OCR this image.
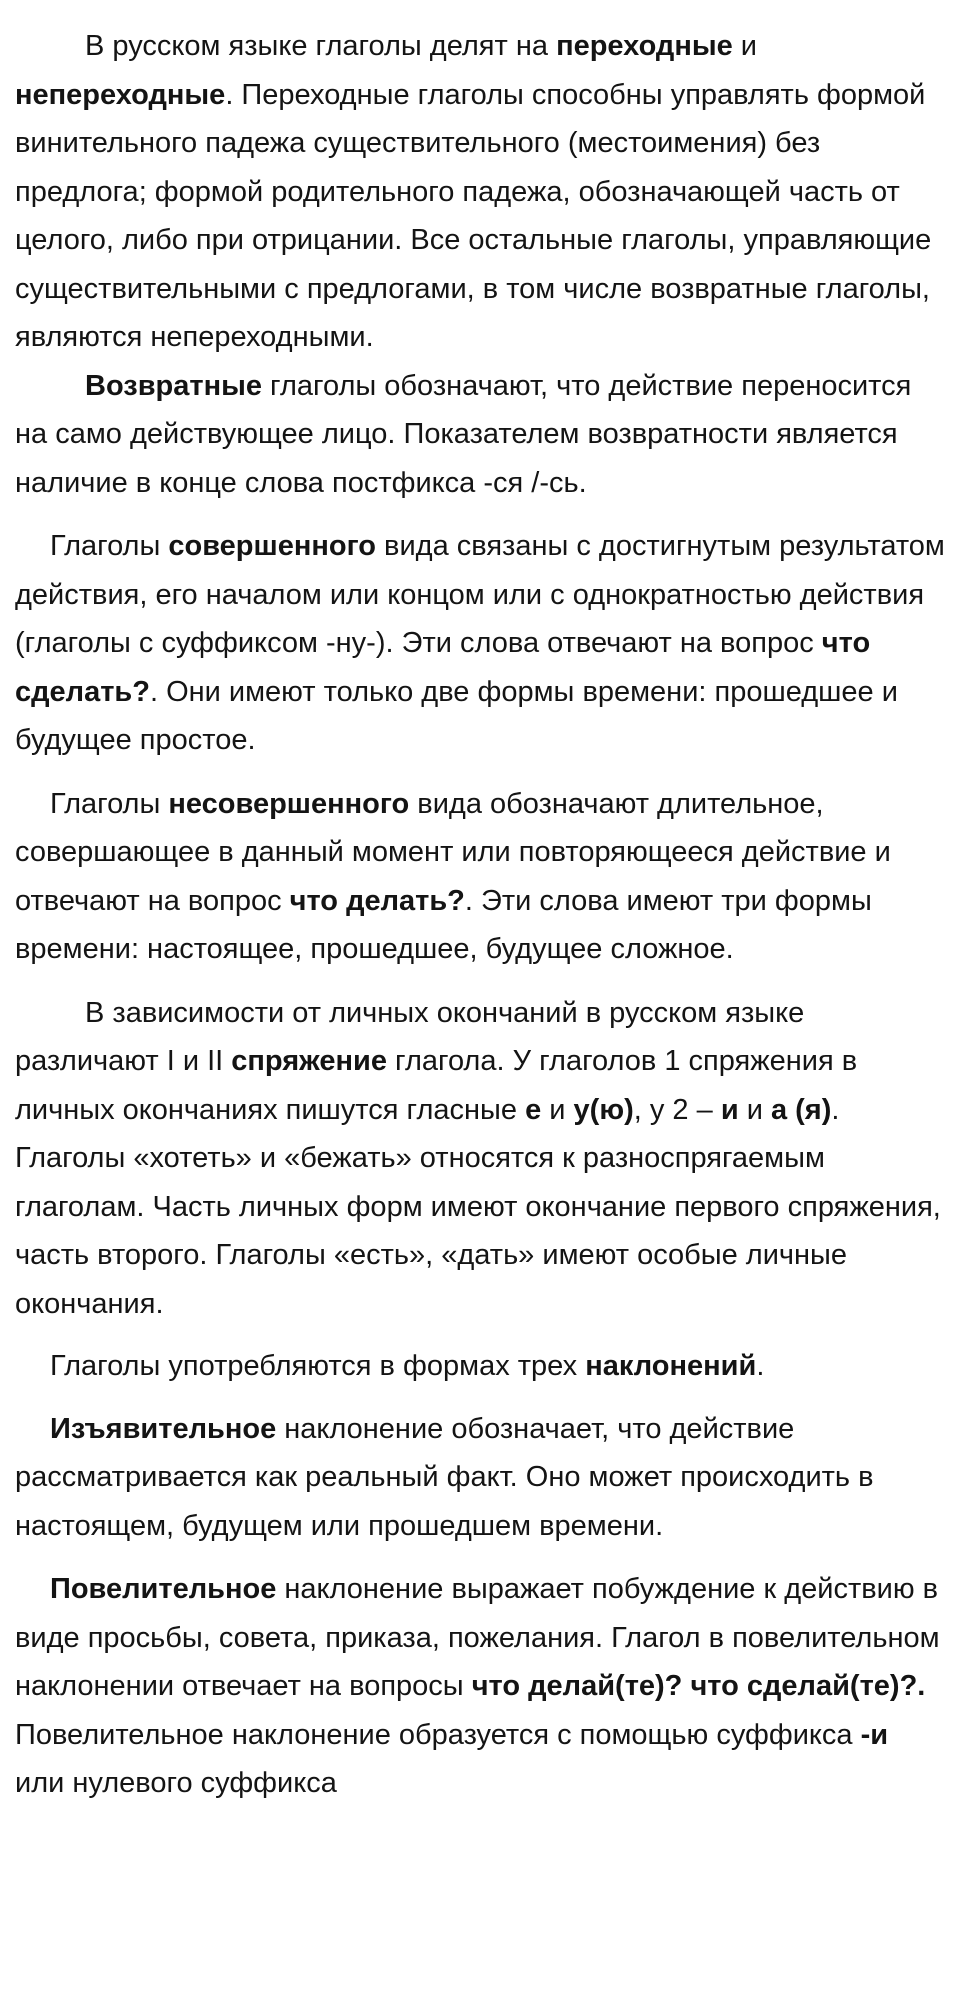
В русском языке глаголы делят на переходные и непереходные. Переходные глаголы способны управлять формой винительного падежа существительного (местоимения) без предлога; формой родительного падежа, обозначающей часть от целого, либо при отрицании. Все остальные глаголы, управляющие существительными с предлогами, в том числе возвратные глаголы, являются непереходными.

Возвратные глаголы обозначают, что действие переносится на само действующее лицо. Показателем возвратности является наличие в конце слова постфикса -ся /-сь.

Глаголы совершенного вида связаны с достигнутым результатом действия, его началом или концом или с однократностью действия (глаголы с суффиксом -ну-). Эти слова отвечают на вопрос что сделать?. Они имеют только две формы времени: прошедшее и будущее простое.

Глаголы несовершенного вида обозначают длительное, совершающее в данный момент или повторяющееся действие и отвечают на вопрос что делать?. Эти слова имеют три формы времени: настоящее, прошедшее, будущее сложное.

В зависимости от личных окончаний в русском языке различают I и II спряжение глагола. У глаголов 1 спряжения в личных окончаниях пишутся гласные е и у(ю), у 2 – и и а (я). Глаголы «хотеть» и «бежать» относятся к разноспрягаемым глаголам. Часть личных форм имеют окончание первого спряжения, часть второго. Глаголы «есть», «дать» имеют особые личные окончания.

Глаголы употребляются в формах трех наклонений.

Изъявительное наклонение обозначает, что действие рассматривается как реальный факт. Оно может происходить в настоящем, будущем или прошедшем времени.

Повелительное наклонение выражает побуждение к действию в виде просьбы, совета, приказа, пожелания. Глагол в повелительном наклонении отвечает на вопросы что делай(те)? что сделай(те)?. Повелительное наклонение образуется с помощью суффикса -и или нулевого суффикса
